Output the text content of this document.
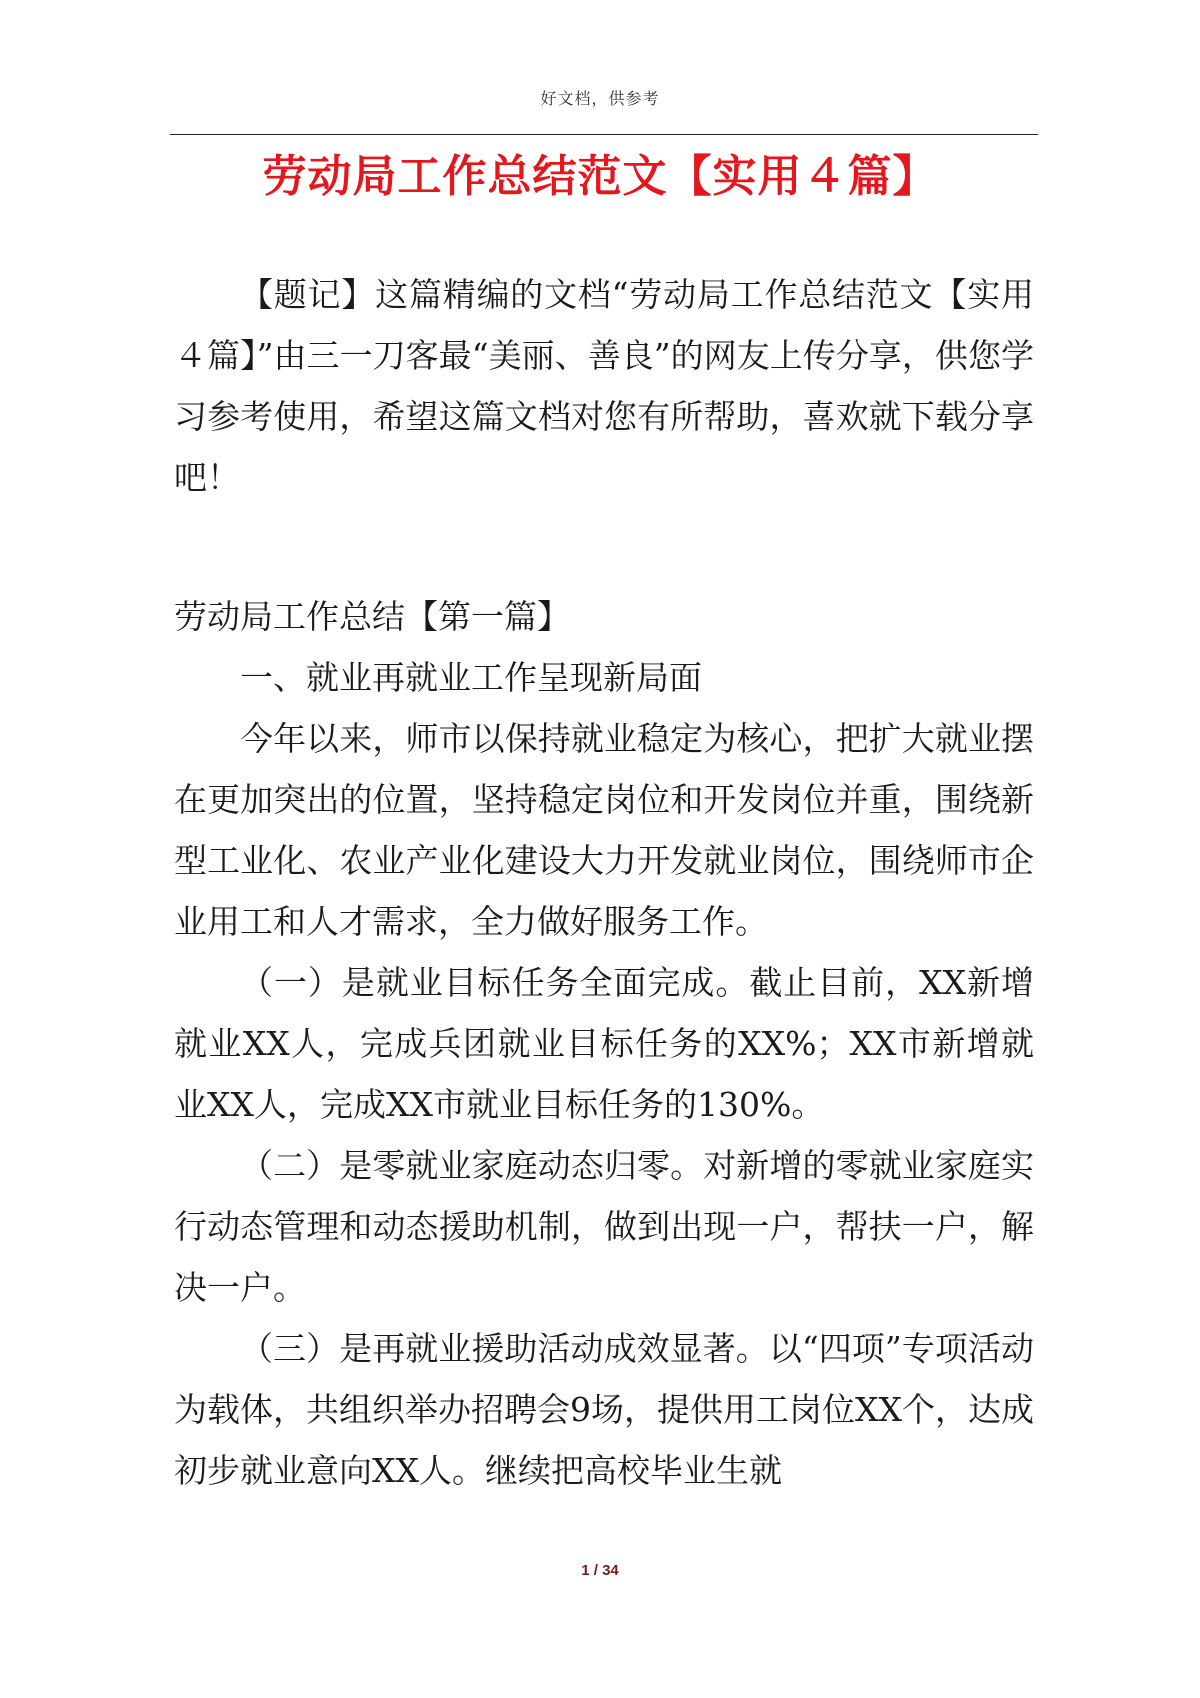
好文档，供参考
劳动局工作总结范文【实用４篇】

【题记】这篇精编的文档“劳动局工作总结范文【实用４篇】”由三一刀客最“美丽、善良”的网友上传分享，供您学习参考使用，希望这篇文档对您有所帮助，喜欢就下载分享吧！

劳动局工作总结【第一篇】

一、就业再就业工作呈现新局面

今年以来，师市以保持就业稳定为核心，把扩大就业摆在更加突出的位置，坚持稳定岗位和开发岗位并重，围绕新型工业化、农业产业化建设大力开发就业岗位，围绕师市企业用工和人才需求，全力做好服务工作。

（一）是就业目标任务全面完成。截止目前，XX新增就业XX人，完成兵团就业目标任务的XX%；XX市新增就业XX人，完成XX市就业目标任务的130%。

（二）是零就业家庭动态归零。对新增的零就业家庭实行动态管理和动态援助机制，做到出现一户，帮扶一户，解决一户。

（三）是再就业援助活动成效显著。以“四项”专项活动为载体，共组织举办招聘会9场，提供用工岗位XX个，达成初步就业意向XX人。继续把高校毕业生就

1 / 34
